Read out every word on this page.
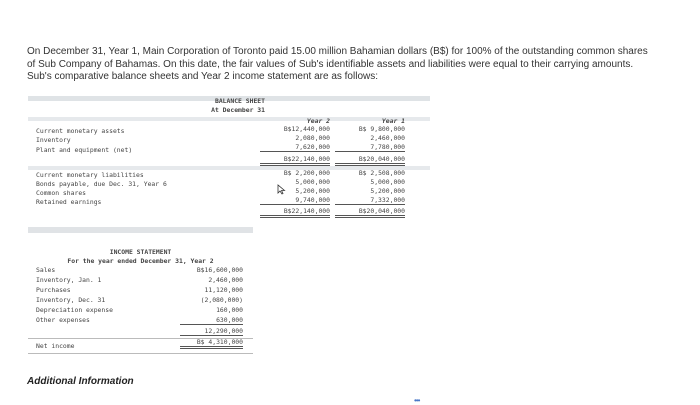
On December 31, Year 1, Main Corporation of Toronto paid 15.00 million Bahamian dollars (B$) for 100% of the outstanding common shares of Sub Company of Bahamas. On this date, the fair values of Sub's identifiable assets and liabilities were equal to their carrying amounts. Sub's comparative balance sheets and Year 2 income statement are as follows:
BALANCE SHEET
At December 31
Year 2	Year 1
Current monetary assets	B$12,440,000	B$ 9,800,000
Inventory	2,080,000	2,460,000
Plant and equipment (net)	7,620,000	7,780,000
B$22,140,000	B$20,040,000
Current monetary liabilities	B$ 2,200,000	B$ 2,508,000
Bonds payable, due Dec. 31, Year 6	5,000,000	5,000,000
Common shares	5,200,000	5,200,000
Retained earnings	9,740,000	7,332,000
B$22,140,000	B$20,040,000
INCOME STATEMENT
For the year ended December 31, Year 2
Sales	B$16,600,000
Inventory, Jan. 1	2,460,000
Purchases	11,120,000
Inventory, Dec. 31	(2,080,000)
Depreciation expense	160,000
Other expenses	630,000
12,290,000
Net income	B$ 4,310,000
Additional Information
•••
